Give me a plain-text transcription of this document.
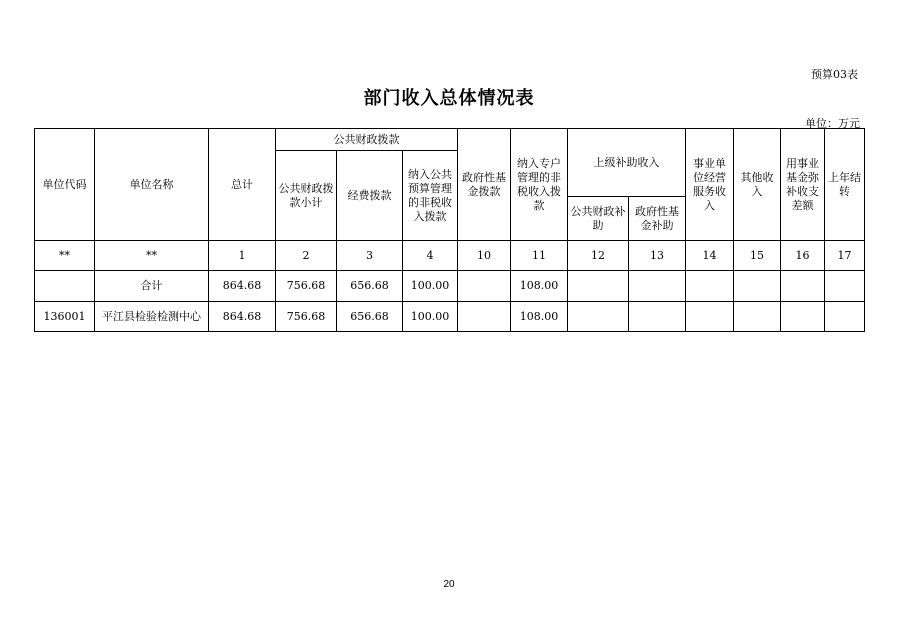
预算03表
部门收入总体情况表
单位：万元
单位代码	单位名称	总计	公共财政拨款			政府性基金拨款	纳入专户管理的非税收入拨款	上级补助收入		事业单位经营服务收入	其他收入	用事业基金弥补收支差额	上年结转
			公共财政拨款小计	经费拨款	纳入公共预算管理的非税收入拨款								
								公共财政补助	政府性基金补助				
**	**	1	2	3	4	10	11	12	13	14	15	16	17
	合计	864.68	756.68	656.68	100.00		108.00						
136001	平江县检验检测中心	864.68	756.68	656.68	100.00		108.00						
20
